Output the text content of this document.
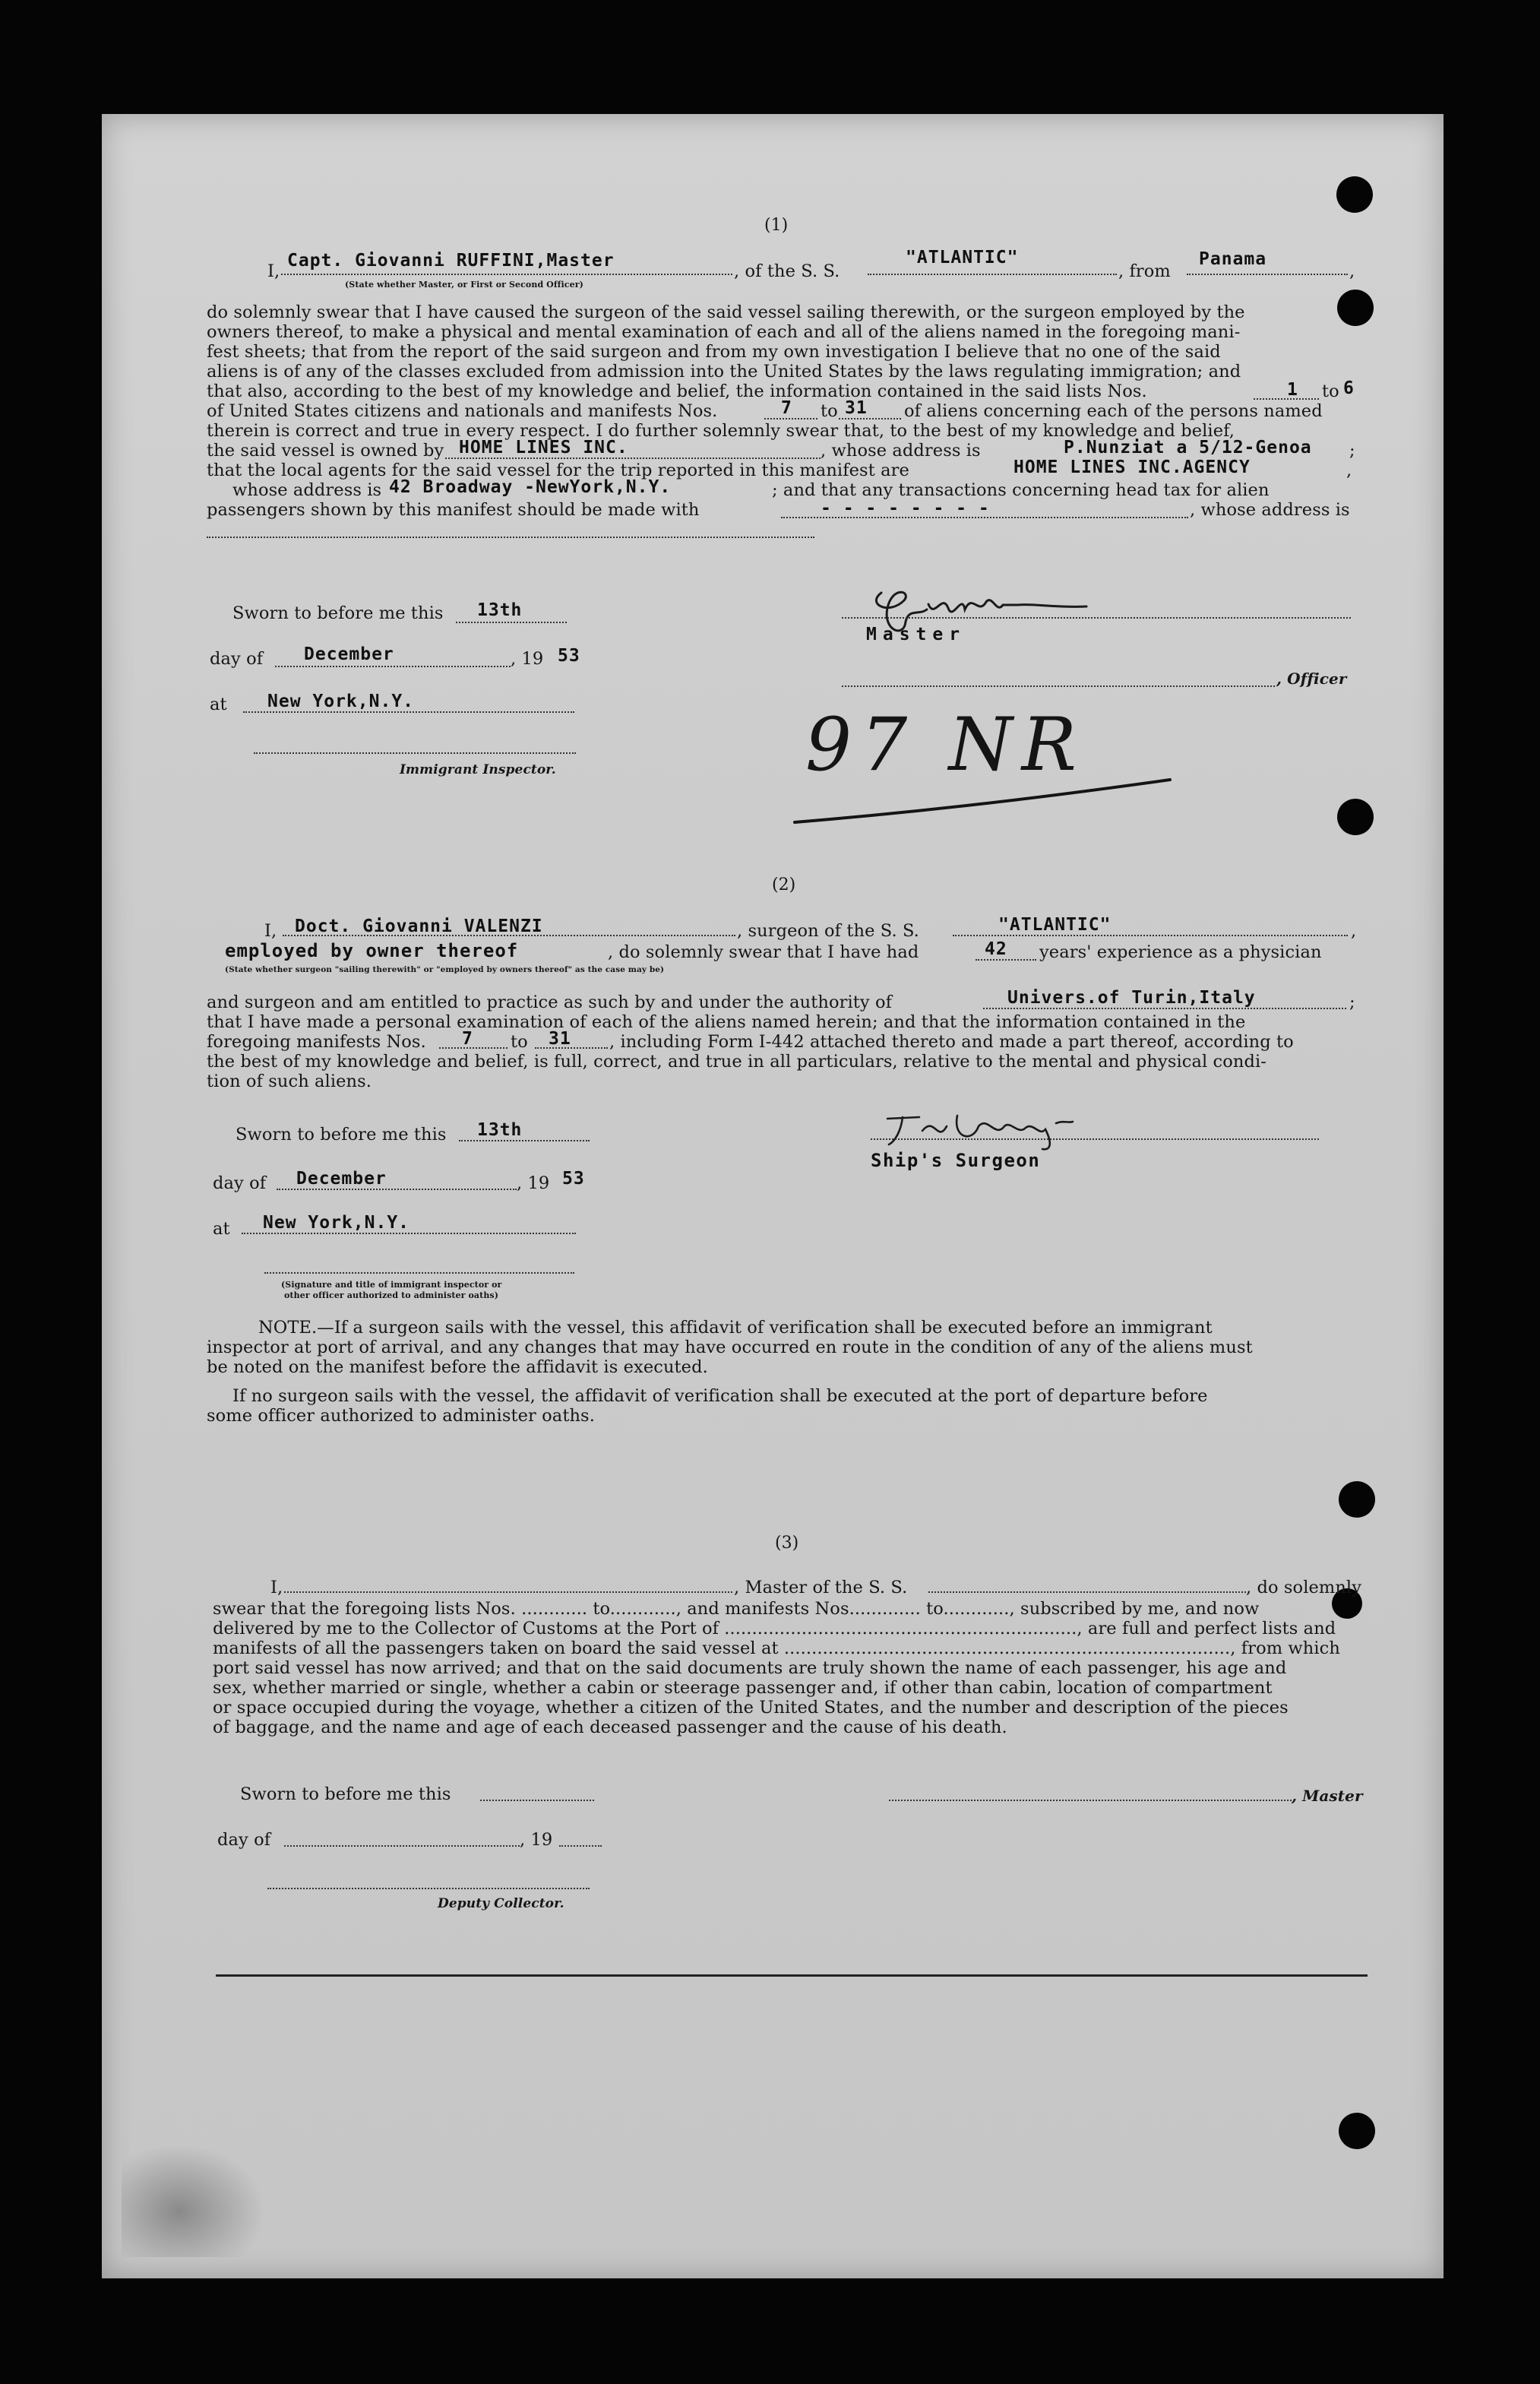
(1)
I,
Capt. Giovanni RUFFINI,Master
, of the S. S.
"ATLANTIC"
, from
Panama
,
(State whether Master, or First or Second Officer)
do solemnly swear that I have caused the surgeon of the said vessel sailing therewith, or the surgeon employed by the
owners thereof, to make a physical and mental examination of each and all of the aliens named in the foregoing mani-
fest sheets; that from the report of the said surgeon and from my own investigation I believe that no one of the said
aliens is of any of the classes excluded from admission into the United States by the laws regulating immigration; and
that also, according to the best of my knowledge and belief, the information contained in the said lists Nos.	1 to 6
of United States citizens and nationals and manifests Nos.	7 to 31 of aliens concerning each of the persons named
therein is correct and true in every respect. I do further solemnly swear that, to the best of my knowledge and belief,
the said vessel is owned by HOME LINES INC.	, whose address is	P.Nunziat a 5/12-Genoa ;
that the local agents for the said vessel for the trip reported in this manifest are	HOME LINES INC.AGENCY	,
whose address is 42 Broadway -NewYork,N.Y.	; and that any transactions concerning head tax for alien
passengers shown by this manifest should be made with	- - - - - - - -	, whose address is
Sworn to before me this 13th
day of December	, 19 53
at New York,N.Y.
Immigrant Inspector.
Master
, Officer
97 NR
(2)
I, Doct. Giovanni VALENZI	, surgeon of the S. S.	"ATLANTIC"	,
employed by owner thereof	, do solemnly swear that I have had	42 years' experience as a physician
(State whether surgeon "sailing therewith" or "employed by owners thereof" as the case may be)
and surgeon and am entitled to practice as such by and under the authority of	Univers.of Turin,Italy	;
that I have made a personal examination of each of the aliens named herein; and that the information contained in the
foregoing manifests Nos. 7 to 31 , including Form I-442 attached thereto and made a part thereof, according to
the best of my knowledge and belief, is full, correct, and true in all particulars, relative to the mental and physical condi-
tion of such aliens.
Sworn to before me this 13th
day of December	, 19 53
at New York,N.Y.
(Signature and title of immigrant inspector or
other officer authorized to administer oaths)
Ship's Surgeon
NOTE.—If a surgeon sails with the vessel, this affidavit of verification shall be executed before an immigrant
inspector at port of arrival, and any changes that may have occurred en route in the condition of any of the aliens must
be noted on the manifest before the affidavit is executed.
If no surgeon sails with the vessel, the affidavit of verification shall be executed at the port of departure before
some officer authorized to administer oaths.
(3)
I,	, Master of the S. S.	, do solemnly
swear that the foregoing lists Nos. ............ to............, and manifests Nos............. to............, subscribed by me, and now
delivered by me to the Collector of Customs at the Port of ................................................................, are full and perfect lists and
manifests of all the passengers taken on board the said vessel at ................................................................................., from which
port said vessel has now arrived; and that on the said documents are truly shown the name of each passenger, his age and
sex, whether married or single, whether a cabin or steerage passenger and, if other than cabin, location of compartment
or space occupied during the voyage, whether a citizen of the United States, and the number and description of the pieces
of baggage, and the name and age of each deceased passenger and the cause of his death.
Sworn to before me this	, Master
day of	, 19
Deputy Collector.
